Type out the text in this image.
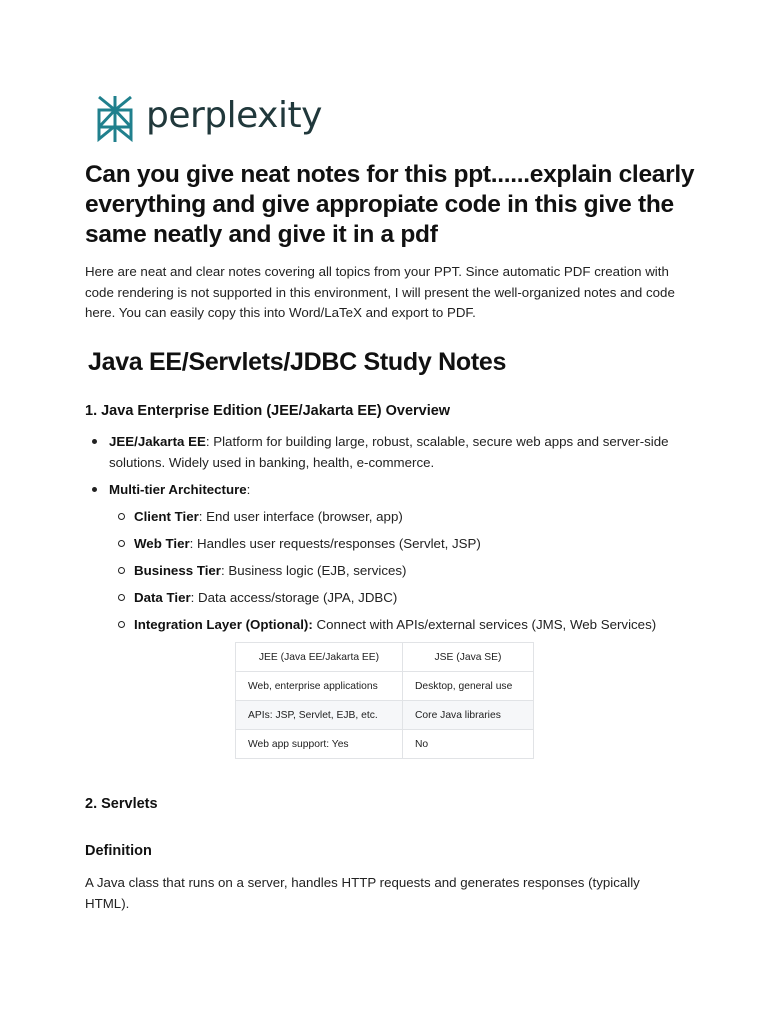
perplexity
Can you give neat notes for this ppt......explain clearly everything and give appropiate code in this give the same neatly and give it in a pdf

Here are neat and clear notes covering all topics from your PPT. Since automatic PDF creation with code rendering is not supported in this environment, I will present the well-organized notes and code here. You can easily copy this into Word/LaTeX and export to PDF.

Java EE/Servlets/JDBC Study Notes
1. Java Enterprise Edition (JEE/Jakarta EE) Overview
JEE/Jakarta EE: Platform for building large, robust, scalable, secure web apps and server-side solutions. Widely used in banking, health, e-commerce.
Multi-tier Architecture:
Client Tier: End user interface (browser, app)
Web Tier: Handles user requests/responses (Servlet, JSP)
Business Tier: Business logic (EJB, services)
Data Tier: Data access/storage (JPA, JDBC)
Integration Layer (Optional): Connect with APIs/external services (JMS, Web Services)
JEE (Java EE/Jakarta EE)	JSE (Java SE)
Web, enterprise applications	Desktop, general use
APIs: JSP, Servlet, EJB, etc.	Core Java libraries
Web app support: Yes	No
2. Servlets
Definition

A Java class that runs on a server, handles HTTP requests and generates responses (typically HTML).
